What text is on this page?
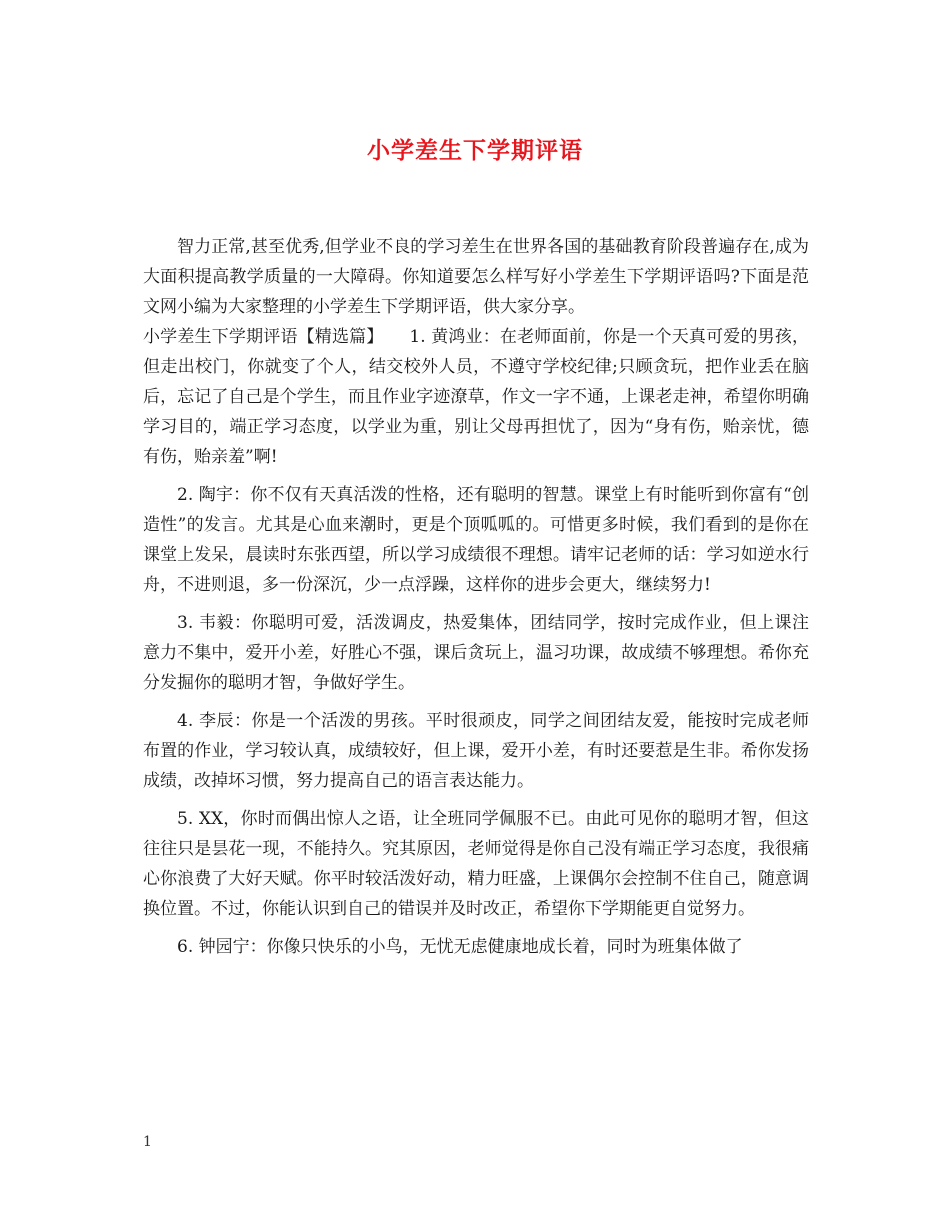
小学差生下学期评语

智力正常,甚至优秀,但学业不良的学习差生在世界各国的基础教育阶段普遍存在,成为大面积提高教学质量的一大障碍。你知道要怎么样写好小学差生下学期评语吗?下面是范文网小编为大家整理的小学差生下学期评语，供大家分享。

小学差生下学期评语【精选篇】　　1. 黄鸿业：在老师面前，你是一个天真可爱的男孩，但走出校门，你就变了个人，结交校外人员，不遵守学校纪律;只顾贪玩，把作业丢在脑后，忘记了自己是个学生，而且作业字迹潦草，作文一字不通，上课老走神，希望你明确学习目的，端正学习态度，以学业为重，别让父母再担忧了，因为“身有伤，贻亲忧，德有伤，贻亲羞”啊!

2. 陶宇：你不仅有天真活泼的性格，还有聪明的智慧。课堂上有时能听到你富有“创造性”的发言。尤其是心血来潮时，更是个顶呱呱的。可惜更多时候，我们看到的是你在课堂上发呆，晨读时东张西望，所以学习成绩很不理想。请牢记老师的话：学习如逆水行舟，不进则退，多一份深沉，少一点浮躁，这样你的进步会更大，继续努力!

3. 韦毅：你聪明可爱，活泼调皮，热爱集体，团结同学，按时完成作业，但上课注意力不集中，爱开小差，好胜心不强，课后贪玩上，温习功课，故成绩不够理想。希你充分发掘你的聪明才智，争做好学生。

4. 李辰：你是一个活泼的男孩。平时很顽皮，同学之间团结友爱，能按时完成老师布置的作业，学习较认真，成绩较好，但上课，爱开小差，有时还要惹是生非。希你发扬成绩，改掉坏习惯，努力提高自己的语言表达能力。

5. XX，你时而偶出惊人之语，让全班同学佩服不已。由此可见你的聪明才智，但这往往只是昙花一现，不能持久。究其原因，老师觉得是你自己没有端正学习态度，我很痛心你浪费了大好天赋。你平时较活泼好动，精力旺盛，上课偶尔会控制不住自己，随意调换位置。不过，你能认识到自己的错误并及时改正，希望你下学期能更自觉努力。

6. 钟园宁：你像只快乐的小鸟，无忧无虑健康地成长着，同时为班集体做了

1
